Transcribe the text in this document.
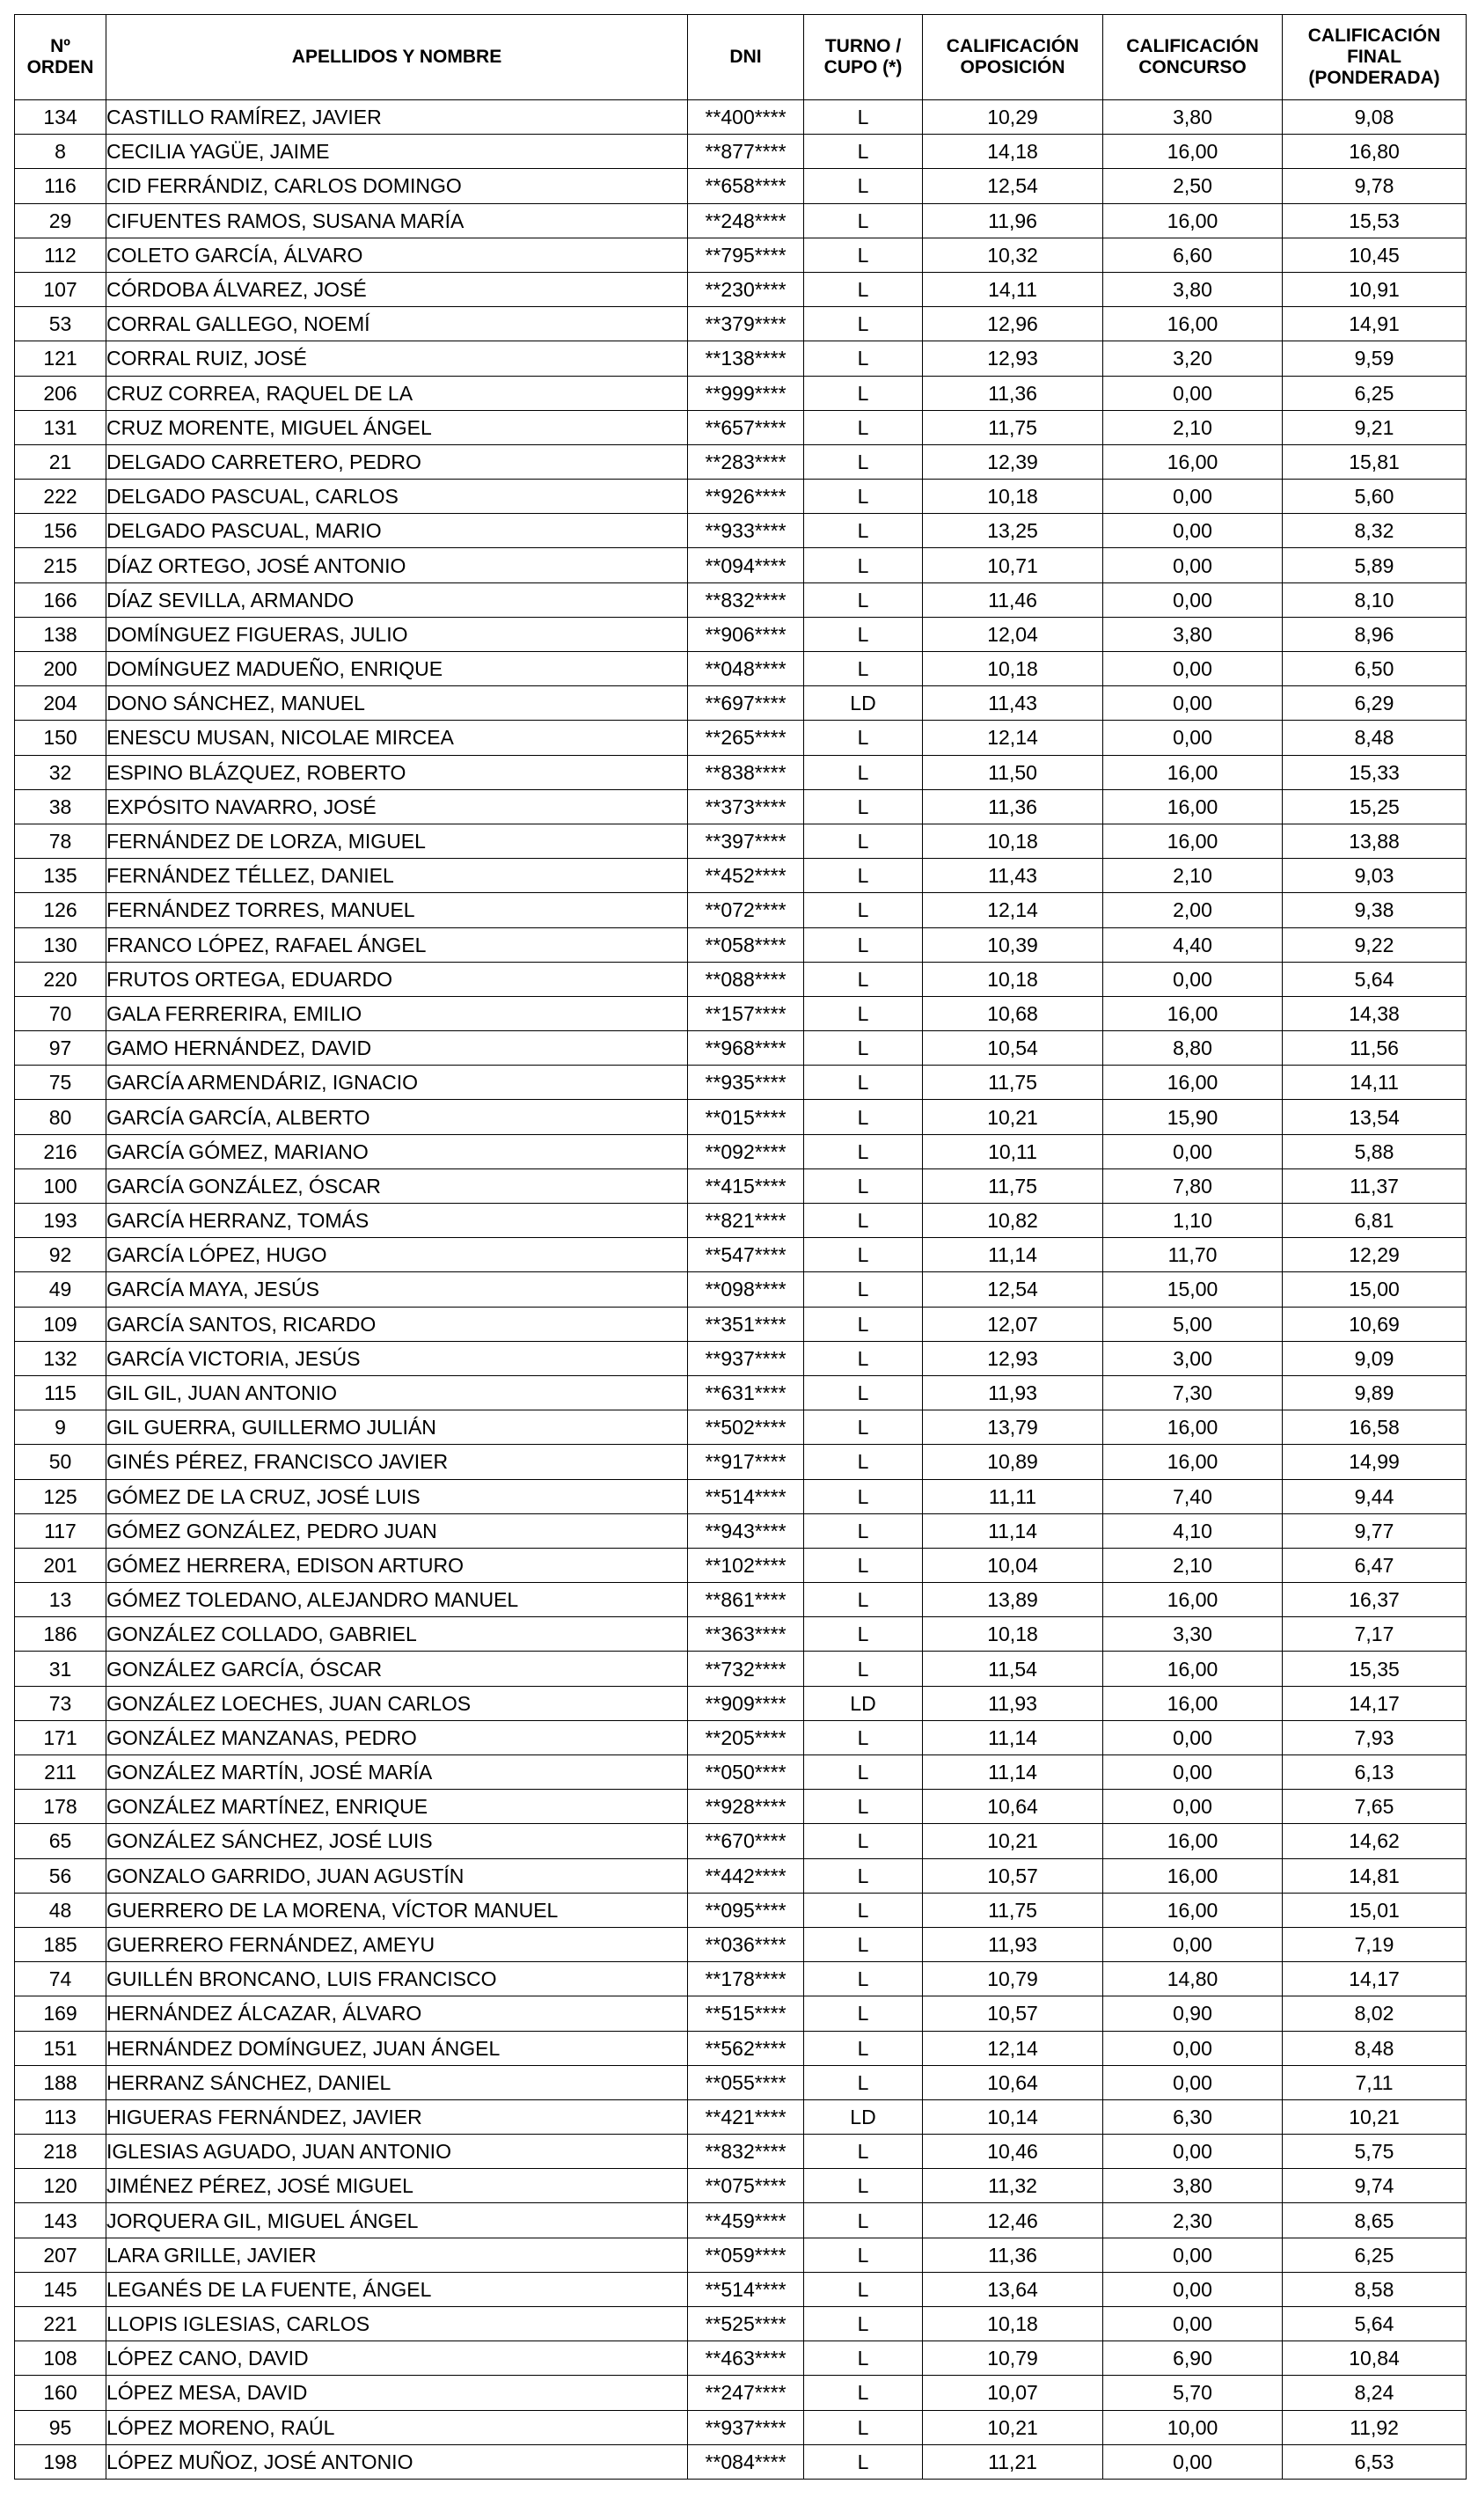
Nº ORDEN	APELLIDOS Y NOMBRE	DNI	TURNO / CUPO (*)	CALIFICACIÓN OPOSICIÓN	CALIFICACIÓN CONCURSO	CALIFICACIÓN FINAL (PONDERADA)
134	CASTILLO RAMÍREZ, JAVIER	**400****	L	10,29	3,80	9,08
8	CECILIA YAGÜE, JAIME	**877****	L	14,18	16,00	16,80
116	CID FERRÁNDIZ, CARLOS DOMINGO	**658****	L	12,54	2,50	9,78
29	CIFUENTES RAMOS, SUSANA MARÍA	**248****	L	11,96	16,00	15,53
112	COLETO GARCÍA, ÁLVARO	**795****	L	10,32	6,60	10,45
107	CÓRDOBA ÁLVAREZ, JOSÉ	**230****	L	14,11	3,80	10,91
53	CORRAL GALLEGO, NOEMÍ	**379****	L	12,96	16,00	14,91
121	CORRAL RUIZ, JOSÉ	**138****	L	12,93	3,20	9,59
206	CRUZ CORREA, RAQUEL DE LA	**999****	L	11,36	0,00	6,25
131	CRUZ MORENTE, MIGUEL ÁNGEL	**657****	L	11,75	2,10	9,21
21	DELGADO CARRETERO, PEDRO	**283****	L	12,39	16,00	15,81
222	DELGADO PASCUAL, CARLOS	**926****	L	10,18	0,00	5,60
156	DELGADO PASCUAL, MARIO	**933****	L	13,25	0,00	8,32
215	DÍAZ ORTEGO, JOSÉ ANTONIO	**094****	L	10,71	0,00	5,89
166	DÍAZ SEVILLA, ARMANDO	**832****	L	11,46	0,00	8,10
138	DOMÍNGUEZ FIGUERAS, JULIO	**906****	L	12,04	3,80	8,96
200	DOMÍNGUEZ MADUEÑO, ENRIQUE	**048****	L	10,18	0,00	6,50
204	DONO SÁNCHEZ, MANUEL	**697****	LD	11,43	0,00	6,29
150	ENESCU MUSAN, NICOLAE MIRCEA	**265****	L	12,14	0,00	8,48
32	ESPINO BLÁZQUEZ, ROBERTO	**838****	L	11,50	16,00	15,33
38	EXPÓSITO NAVARRO, JOSÉ	**373****	L	11,36	16,00	15,25
78	FERNÁNDEZ DE LORZA, MIGUEL	**397****	L	10,18	16,00	13,88
135	FERNÁNDEZ TÉLLEZ, DANIEL	**452****	L	11,43	2,10	9,03
126	FERNÁNDEZ TORRES, MANUEL	**072****	L	12,14	2,00	9,38
130	FRANCO LÓPEZ, RAFAEL ÁNGEL	**058****	L	10,39	4,40	9,22
220	FRUTOS ORTEGA, EDUARDO	**088****	L	10,18	0,00	5,64
70	GALA FERRERIRA, EMILIO	**157****	L	10,68	16,00	14,38
97	GAMO HERNÁNDEZ, DAVID	**968****	L	10,54	8,80	11,56
75	GARCÍA ARMENDÁRIZ, IGNACIO	**935****	L	11,75	16,00	14,11
80	GARCÍA GARCÍA, ALBERTO	**015****	L	10,21	15,90	13,54
216	GARCÍA GÓMEZ, MARIANO	**092****	L	10,11	0,00	5,88
100	GARCÍA GONZÁLEZ, ÓSCAR	**415****	L	11,75	7,80	11,37
193	GARCÍA HERRANZ, TOMÁS	**821****	L	10,82	1,10	6,81
92	GARCÍA LÓPEZ, HUGO	**547****	L	11,14	11,70	12,29
49	GARCÍA MAYA, JESÚS	**098****	L	12,54	15,00	15,00
109	GARCÍA SANTOS, RICARDO	**351****	L	12,07	5,00	10,69
132	GARCÍA VICTORIA, JESÚS	**937****	L	12,93	3,00	9,09
115	GIL GIL, JUAN ANTONIO	**631****	L	11,93	7,30	9,89
9	GIL GUERRA, GUILLERMO JULIÁN	**502****	L	13,79	16,00	16,58
50	GINÉS PÉREZ, FRANCISCO JAVIER	**917****	L	10,89	16,00	14,99
125	GÓMEZ DE LA CRUZ, JOSÉ LUIS	**514****	L	11,11	7,40	9,44
117	GÓMEZ GONZÁLEZ, PEDRO JUAN	**943****	L	11,14	4,10	9,77
201	GÓMEZ HERRERA, EDISON ARTURO	**102****	L	10,04	2,10	6,47
13	GÓMEZ TOLEDANO, ALEJANDRO MANUEL	**861****	L	13,89	16,00	16,37
186	GONZÁLEZ COLLADO, GABRIEL	**363****	L	10,18	3,30	7,17
31	GONZÁLEZ GARCÍA, ÓSCAR	**732****	L	11,54	16,00	15,35
73	GONZÁLEZ LOECHES, JUAN CARLOS	**909****	LD	11,93	16,00	14,17
171	GONZÁLEZ MANZANAS, PEDRO	**205****	L	11,14	0,00	7,93
211	GONZÁLEZ MARTÍN, JOSÉ MARÍA	**050****	L	11,14	0,00	6,13
178	GONZÁLEZ MARTÍNEZ, ENRIQUE	**928****	L	10,64	0,00	7,65
65	GONZÁLEZ SÁNCHEZ, JOSÉ LUIS	**670****	L	10,21	16,00	14,62
56	GONZALO GARRIDO, JUAN AGUSTÍN	**442****	L	10,57	16,00	14,81
48	GUERRERO DE LA MORENA, VÍCTOR MANUEL	**095****	L	11,75	16,00	15,01
185	GUERRERO FERNÁNDEZ, AMEYU	**036****	L	11,93	0,00	7,19
74	GUILLÉN BRONCANO, LUIS FRANCISCO	**178****	L	10,79	14,80	14,17
169	HERNÁNDEZ ÁLCAZAR, ÁLVARO	**515****	L	10,57	0,90	8,02
151	HERNÁNDEZ DOMÍNGUEZ, JUAN ÁNGEL	**562****	L	12,14	0,00	8,48
188	HERRANZ SÁNCHEZ, DANIEL	**055****	L	10,64	0,00	7,11
113	HIGUERAS FERNÁNDEZ, JAVIER	**421****	LD	10,14	6,30	10,21
218	IGLESIAS AGUADO, JUAN ANTONIO	**832****	L	10,46	0,00	5,75
120	JIMÉNEZ PÉREZ, JOSÉ MIGUEL	**075****	L	11,32	3,80	9,74
143	JORQUERA GIL, MIGUEL ÁNGEL	**459****	L	12,46	2,30	8,65
207	LARA GRILLE, JAVIER	**059****	L	11,36	0,00	6,25
145	LEGANÉS DE LA FUENTE, ÁNGEL	**514****	L	13,64	0,00	8,58
221	LLOPIS IGLESIAS, CARLOS	**525****	L	10,18	0,00	5,64
108	LÓPEZ CANO, DAVID	**463****	L	10,79	6,90	10,84
160	LÓPEZ MESA, DAVID	**247****	L	10,07	5,70	8,24
95	LÓPEZ MORENO, RAÚL	**937****	L	10,21	10,00	11,92
198	LÓPEZ MUÑOZ, JOSÉ ANTONIO	**084****	L	11,21	0,00	6,53
